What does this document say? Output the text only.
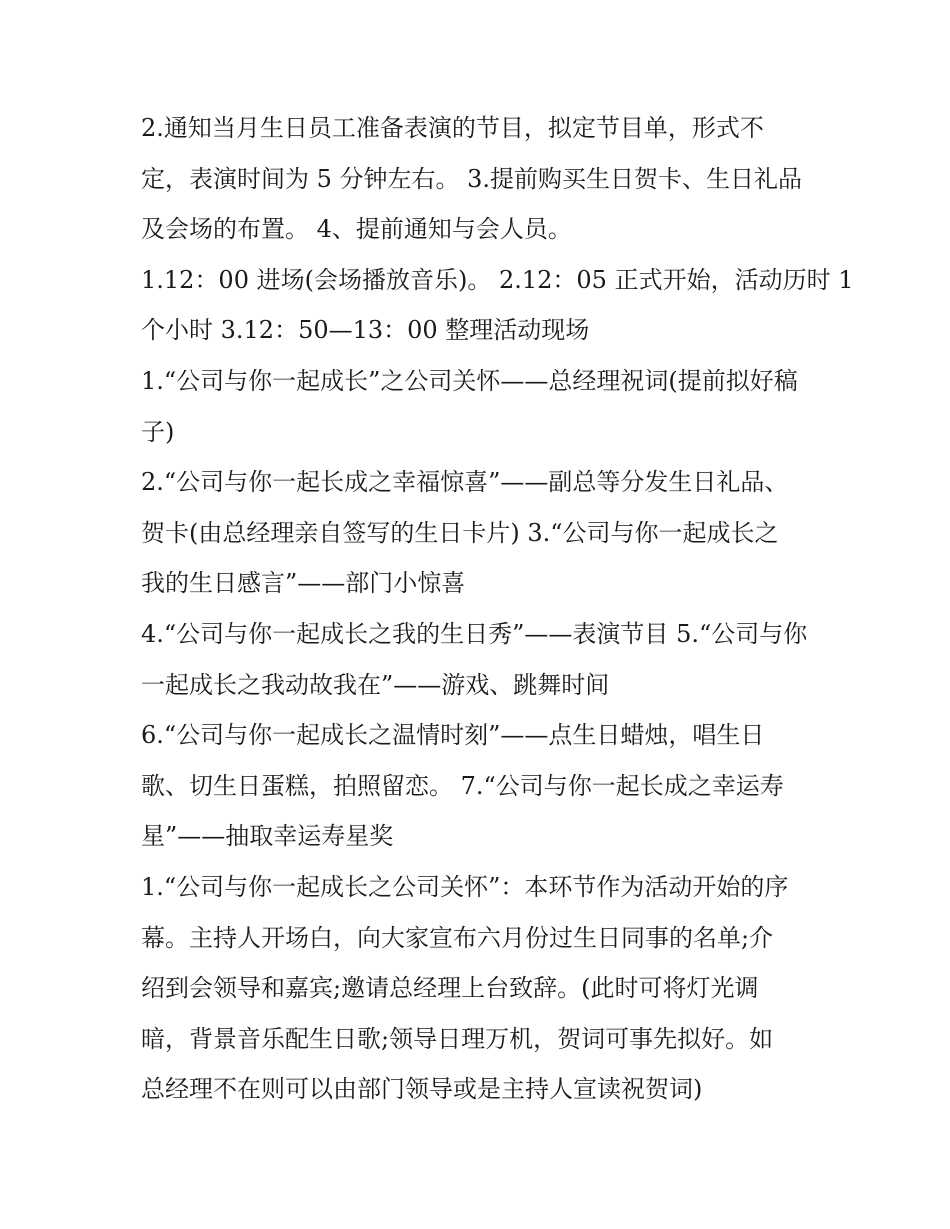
2.通知当月生日员工准备表演的节目，拟定节目单，形式不
定，表演时间为 5 分钟左右。 3.提前购买生日贺卡、生日礼品
及会场的布置。 4、提前通知与会人员。
1.12：00 进场(会场播放音乐)。 2.12：05 正式开始，活动历时 1
个小时 3.12：50—13：00 整理活动现场
1.“公司与你一起成长”之公司关怀——总经理祝词(提前拟好稿
子)
2.“公司与你一起长成之幸福惊喜”——副总等分发生日礼品、
贺卡(由总经理亲自签写的生日卡片) 3.“公司与你一起成长之
我的生日感言”——部门小惊喜
4.“公司与你一起成长之我的生日秀”——表演节目 5.“公司与你
一起成长之我动故我在”——游戏、跳舞时间
6.“公司与你一起成长之温情时刻”——点生日蜡烛，唱生日
歌、切生日蛋糕，拍照留恋。 7.“公司与你一起长成之幸运寿
星”——抽取幸运寿星奖
1.“公司与你一起成长之公司关怀”：本环节作为活动开始的序
幕。主持人开场白，向大家宣布六月份过生日同事的名单;介
绍到会领导和嘉宾;邀请总经理上台致辞。(此时可将灯光调
暗，背景音乐配生日歌;领导日理万机，贺词可事先拟好。如
总经理不在则可以由部门领导或是主持人宣读祝贺词)
